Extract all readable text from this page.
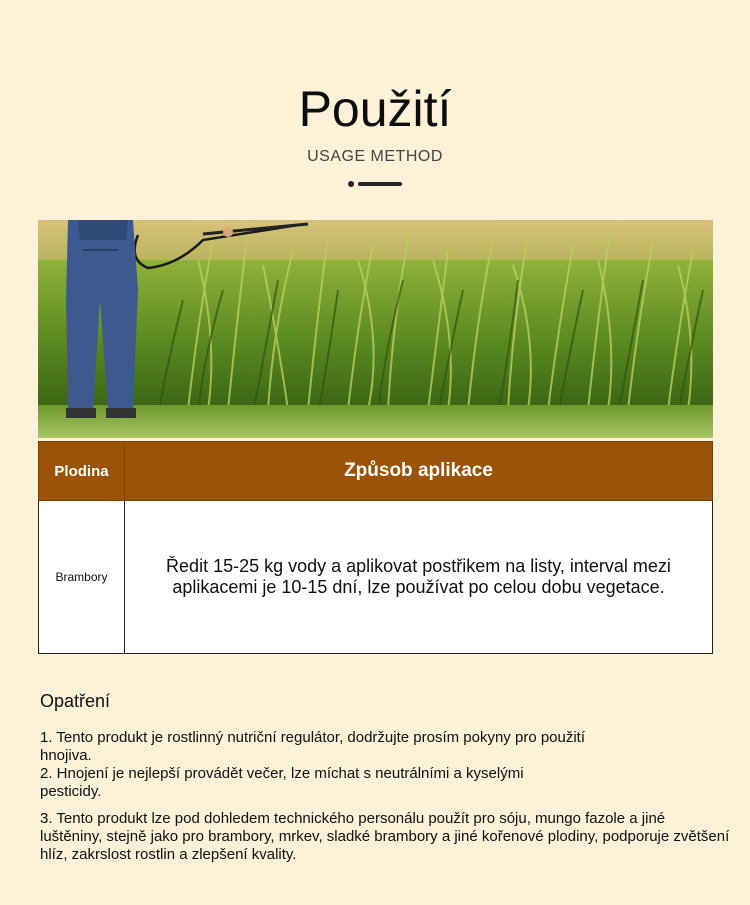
Použití
USAGE METHOD
Plodina	Způsob aplikace
Brambory	Ředit 15-25 kg vody a aplikovat postřikem na listy, interval mezi aplikacemi je 10-15 dní, lze používat po celou dobu vegetace.
Opatření
1. Tento produkt je rostlinný nutriční regulátor, dodržujte prosím pokyny pro použití hnojiva.
2. Hnojení je nejlepší provádět večer, lze míchat s neutrálními a kyselými pesticidy.
3. Tento produkt lze pod dohledem technického personálu použít pro sóju, mungo fazole a jiné luštěniny, stejně jako pro brambory, mrkev, sladké brambory a jiné kořenové plodiny, podporuje zvětšení hlíz, zakrslost rostlin a zlepšení kvality.
